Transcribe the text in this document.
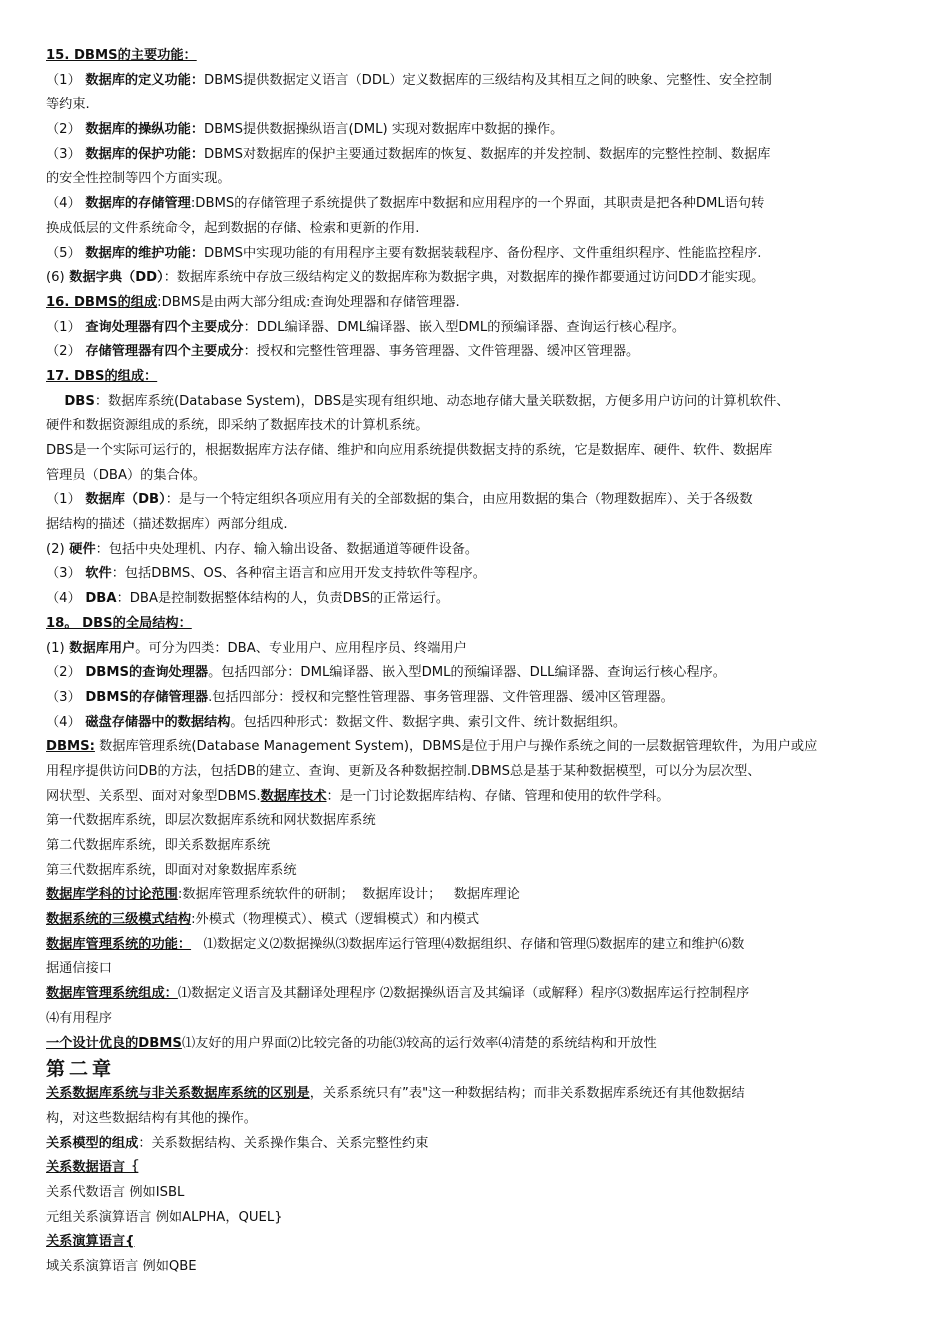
15. DBMS的主要功能：
（1） 数据库的定义功能：DBMS提供数据定义语言（DDL）定义数据库的三级结构及其相互之间的映象、完整性、安全控制
等约束.
（2） 数据库的操纵功能：DBMS提供数据操纵语言(DML) 实现对数据库中数据的操作。
（3） 数据库的保护功能：DBMS对数据库的保护主要通过数据库的恢复、数据库的并发控制、数据库的完整性控制、数据库
的安全性控制等四个方面实现。
（4） 数据库的存储管理:DBMS的存储管理子系统提供了数据库中数据和应用程序的一个界面，其职责是把各种DML语句转
换成低层的文件系统命令，起到数据的存储、检索和更新的作用.
（5） 数据库的维护功能：DBMS中实现功能的有用程序主要有数据装载程序、备份程序、文件重组织程序、性能监控程序.
(6) 数据字典（DD）：数据库系统中存放三级结构定义的数据库称为数据字典，对数据库的操作都要通过访问DD才能实现。
16. DBMS的组成:DBMS是由两大部分组成:查询处理器和存储管理器.
（1） 查询处理器有四个主要成分：DDL编译器、DML编译器、嵌入型DML的预编译器、查询运行核心程序。
（2） 存储管理器有四个主要成分：授权和完整性管理器、事务管理器、文件管理器、缓冲区管理器。
17. DBS的组成：
DBS：数据库系统(Database System)，DBS是实现有组织地、动态地存储大量关联数据，方便多用户访问的计算机软件、
硬件和数据资源组成的系统，即采纳了数据库技术的计算机系统。
DBS是一个实际可运行的，根据数据库方法存储、维护和向应用系统提供数据支持的系统，它是数据库、硬件、软件、数据库
管理员（DBA）的集合体。
（1） 数据库（DB）：是与一个特定组织各项应用有关的全部数据的集合，由应用数据的集合（物理数据库）、关于各级数
据结构的描述（描述数据库）两部分组成.
(2) 硬件：包括中央处理机、内存、输入输出设备、数据通道等硬件设备。
（3） 软件：包括DBMS、OS、各种宿主语言和应用开发支持软件等程序。
（4） DBA：DBA是控制数据整体结构的人，负责DBS的正常运行。
18。 DBS的全局结构：
(1) 数据库用户。可分为四类：DBA、专业用户、应用程序员、终端用户
（2） DBMS的查询处理器。包括四部分：DML编译器、嵌入型DML的预编译器、DLL编译器、查询运行核心程序。
（3） DBMS的存储管理器.包括四部分：授权和完整性管理器、事务管理器、文件管理器、缓冲区管理器。
（4） 磁盘存储器中的数据结构。包括四种形式：数据文件、数据字典、索引文件、统计数据组织。
DBMS: 数据库管理系统(Database Management System)，DBMS是位于用户与操作系统之间的一层数据管理软件，为用户或应
用程序提供访问DB的方法，包括DB的建立、查询、更新及各种数据控制.DBMS总是基于某种数据模型，可以分为层次型、
网状型、关系型、面对对象型DBMS.数据库技术：是一门讨论数据库结构、存储、管理和使用的软件学科。
第一代数据库系统，即层次数据库系统和网状数据库系统
第二代数据库系统，即关系数据库系统
第三代数据库系统，即面对对象数据库系统
数据库学科的讨论范围:数据库管理系统软件的研制；  数据库设计；   数据库理论
数据系统的三级模式结构:外模式（物理模式）、模式（逻辑模式）和内模式
数据库管理系统的功能：   ⑴数据定义⑵数据操纵⑶数据库运行管理⑷数据组织、存储和管理⑸数据库的建立和维护⑹数
据通信接口
数据库管理系统组成：⑴数据定义语言及其翻译处理程序 ⑵数据操纵语言及其编译（或解释）程序⑶数据库运行控制程序
⑷有用程序
一个设计优良的DBMS⑴友好的用户界面⑵比较完备的功能⑶较高的运行效率⑷清楚的系统结构和开放性
第二章
关系数据库系统与非关系数据库系统的区别是，关系系统只有”表"这一种数据结构；而非关系数据库系统还有其他数据结
构，对这些数据结构有其他的操作。
关系模型的组成：关系数据结构、关系操作集合、关系完整性约束
关系数据语言｛
关系代数语言 例如ISBL
元组关系演算语言 例如ALPHA，QUEL}
关系演算语言{
域关系演算语言 例如QBE
